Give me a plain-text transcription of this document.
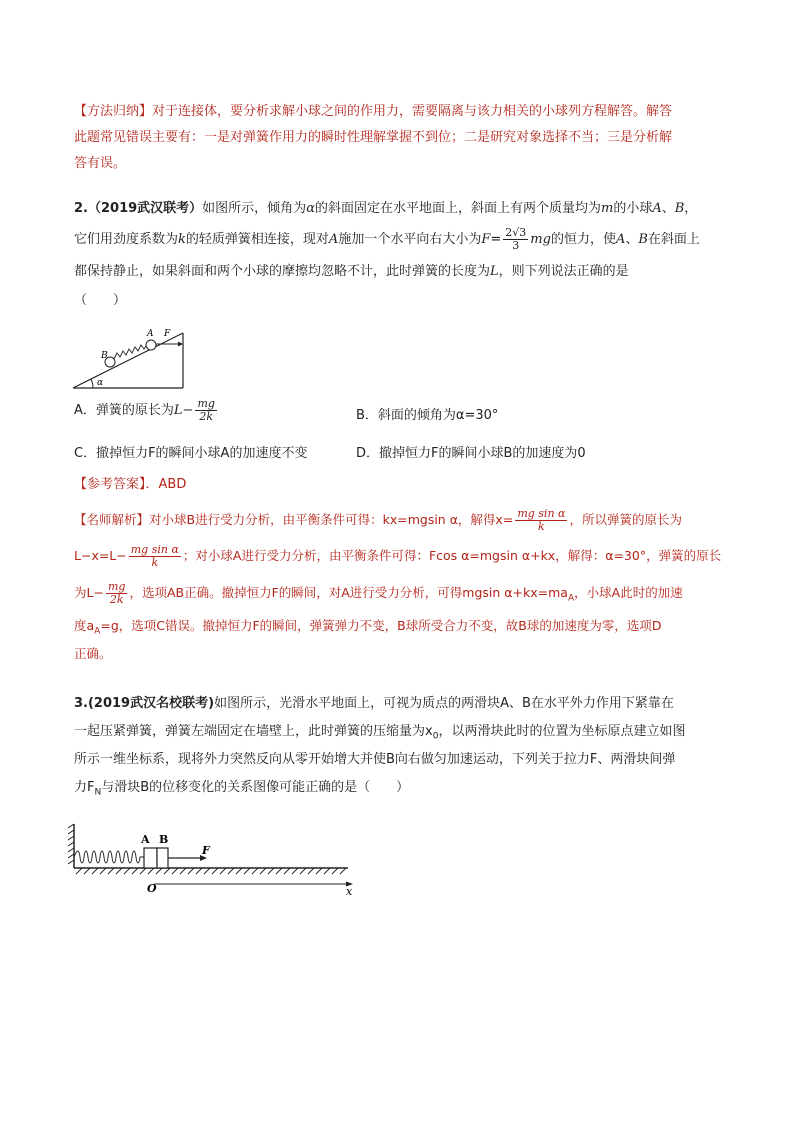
【方法归纳】对于连接体，要分析求解小球之间的作用力，需要隔离与该力相关的小球列方程解答。解答
此题常见错误主要有：一是对弹簧作用力的瞬时性理解掌握不到位；二是研究对象选择不当；三是分析解
答有误。
2.（2019武汉联考）如图所示，倾角为α的斜面固定在水平地面上，斜面上有两个质量均为m的小球A、B，
它们用劲度系数为k的轻质弹簧相连接，现对A施加一个水平向右大小为$F= \frac{2√3}{3}$ mg的恒力，使A、B在斜面上
都保持静止，如果斜面和两个小球的摩擦均忽略不计，此时弹簧的长度为L，则下列说法正确的是
（　　）
α
A F
B
A．弹簧的原长为$L- \frac{mg}{2k}$	B．斜面的倾角为α=30°
C．撤掉恒力F的瞬间小球A的加速度不变	D．撤掉恒力F的瞬间小球B的加速度为0
【参考答案】．ABD
【名师解析】对小球B进行受力分析，由平衡条件可得：kx=mgsin α，解得$x= \frac{\text{mg sin α}}{k}$ ，所以弹簧的原长为
$L-x=L- \frac{\text{mg sin α}}{k}$ ；对小球A进行受力分析，由平衡条件可得：Fcos α=mgsin α+kx，解得：α=30°，弹簧的原长
为$L- \frac{mg}{2k}$ ，选项AB正确。撤掉恒力F的瞬间，对A进行受力分析，可得mgsin $\alpha+kx=ma_A$，小球A此时的加速
度$a_A=g$，选项C错误。撤掉恒力F的瞬间，弹簧弹力不变，B球所受合力不变，故B球的加速度为零，选项D
正确。
3.(2019武汉名校联考)如图所示，光滑水平地面上，可视为质点的两滑块A、B在水平外力作用下紧靠在
一起压紧弹簧，弹簧左端固定在墙壁上，此时弹簧的压缩量为$x_0$，以两滑块此时的位置为坐标原点建立如图
所示一维坐标系，现将外力突然反向从零开始增大并使B向右做匀加速运动，下列关于拉力F、两滑块间弹
力$F_N$与滑块B的位移变化的关系图像可能正确的是（　　）
A B
F
O	x
